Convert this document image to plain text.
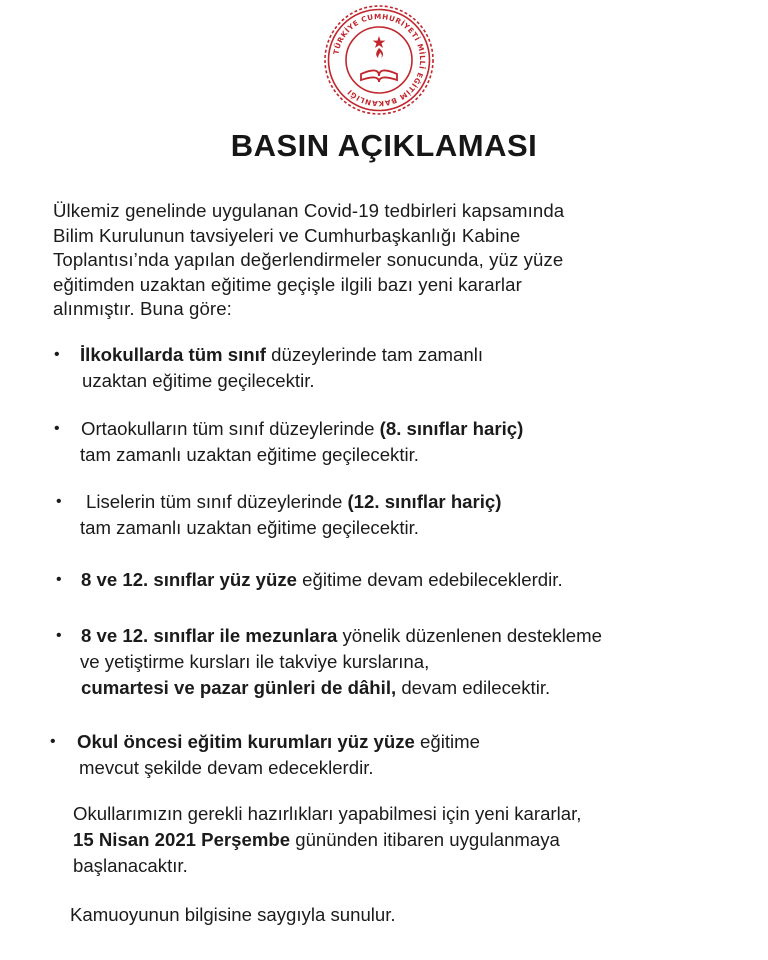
TÜRKİYE CUMHURİYETİ MİLLÎ EĞİTİM BAKANLIĞI
BASIN AÇIKLAMASI
Ülkemiz genelinde uygulanan Covid-19 tedbirleri kapsamında
Bilim Kurulunun tavsiyeleri ve Cumhurbaşkanlığı Kabine
Toplantısı’nda yapılan değerlendirmeler sonucunda, yüz yüze
eğitimden uzaktan eğitime geçişle ilgili bazı yeni kararlar
alınmıştır. Buna göre:
•	İlkokullarda tüm sınıf düzeylerinde tam zamanlı
uzaktan eğitime geçilecektir.
•	Ortaokulların tüm sınıf düzeylerinde (8. sınıflar hariç)
tam zamanlı uzaktan eğitime geçilecektir.
•	Liselerin tüm sınıf düzeylerinde (12. sınıflar hariç)
tam zamanlı uzaktan eğitime geçilecektir.
•	8 ve 12. sınıflar yüz yüze eğitime devam edebileceklerdir.
•	8 ve 12. sınıflar ile mezunlara yönelik düzenlenen destekleme
ve yetiştirme kursları ile takviye kurslarına,
cumartesi ve pazar günleri de dâhil, devam edilecektir.
•	Okul öncesi eğitim kurumları yüz yüze eğitime
mevcut şekilde devam edeceklerdir.
Okullarımızın gerekli hazırlıkları yapabilmesi için yeni kararlar,
15 Nisan 2021 Perşembe gününden itibaren uygulanmaya
başlanacaktır.
Kamuoyunun bilgisine saygıyla sunulur.
